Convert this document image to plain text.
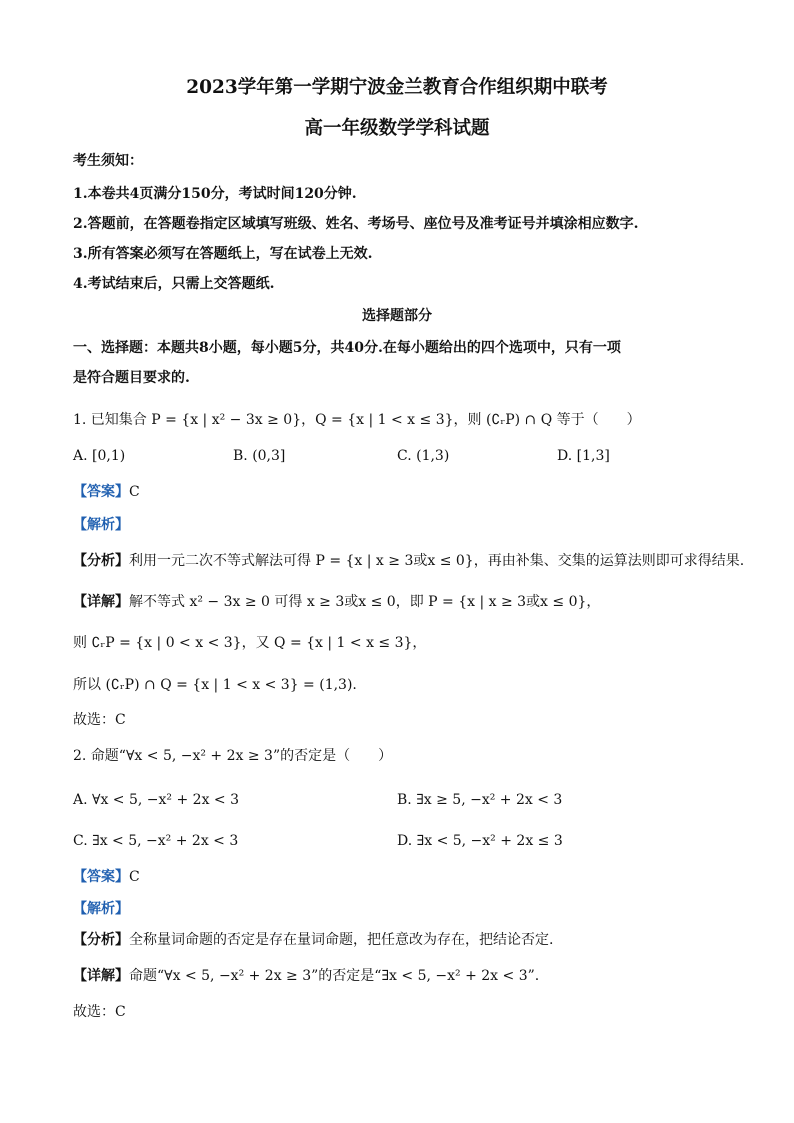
2023学年第一学期宁波金兰教育合作组织期中联考
高一年级数学学科试题
考生须知：
1.本卷共4页满分150分，考试时间120分钟.
2.答题前，在答题卷指定区域填写班级、姓名、考场号、座位号及准考证号并填涂相应数字.
3.所有答案必须写在答题纸上，写在试卷上无效.
4.考试结束后，只需上交答题纸.
选择题部分
一、选择题：本题共8小题，每小题5分，共40分.在每小题给出的四个选项中，只有一项
是符合题目要求的.
1. 已知集合 P = {x | x² − 3x ≥ 0}，Q = {x | 1 < x ≤ 3}，则 (∁ᵣP) ∩ Q 等于（　　）
A. [0,1)	B. (0,3]	C. (1,3)	D. [1,3]
【答案】C
【解析】
【分析】利用一元二次不等式解法可得 P = {x | x ≥ 3或x ≤ 0}，再由补集、交集的运算法则即可求得结果.
【详解】解不等式 x² − 3x ≥ 0 可得 x ≥ 3或x ≤ 0，即 P = {x | x ≥ 3或x ≤ 0}，
则 ∁ᵣP = {x | 0 < x < 3}，又 Q = {x | 1 < x ≤ 3}，
所以 (∁ᵣP) ∩ Q = {x | 1 < x < 3} = (1,3).
故选：C
2. 命题“∀x < 5, −x² + 2x ≥ 3”的否定是（　　）
A. ∀x < 5, −x² + 2x < 3	B. ∃x ≥ 5, −x² + 2x < 3
C. ∃x < 5, −x² + 2x < 3	D. ∃x < 5, −x² + 2x ≤ 3
【答案】C
【解析】
【分析】全称量词命题的否定是存在量词命题，把任意改为存在，把结论否定.
【详解】命题“∀x < 5, −x² + 2x ≥ 3”的否定是“∃x < 5, −x² + 2x < 3”.
故选：C
